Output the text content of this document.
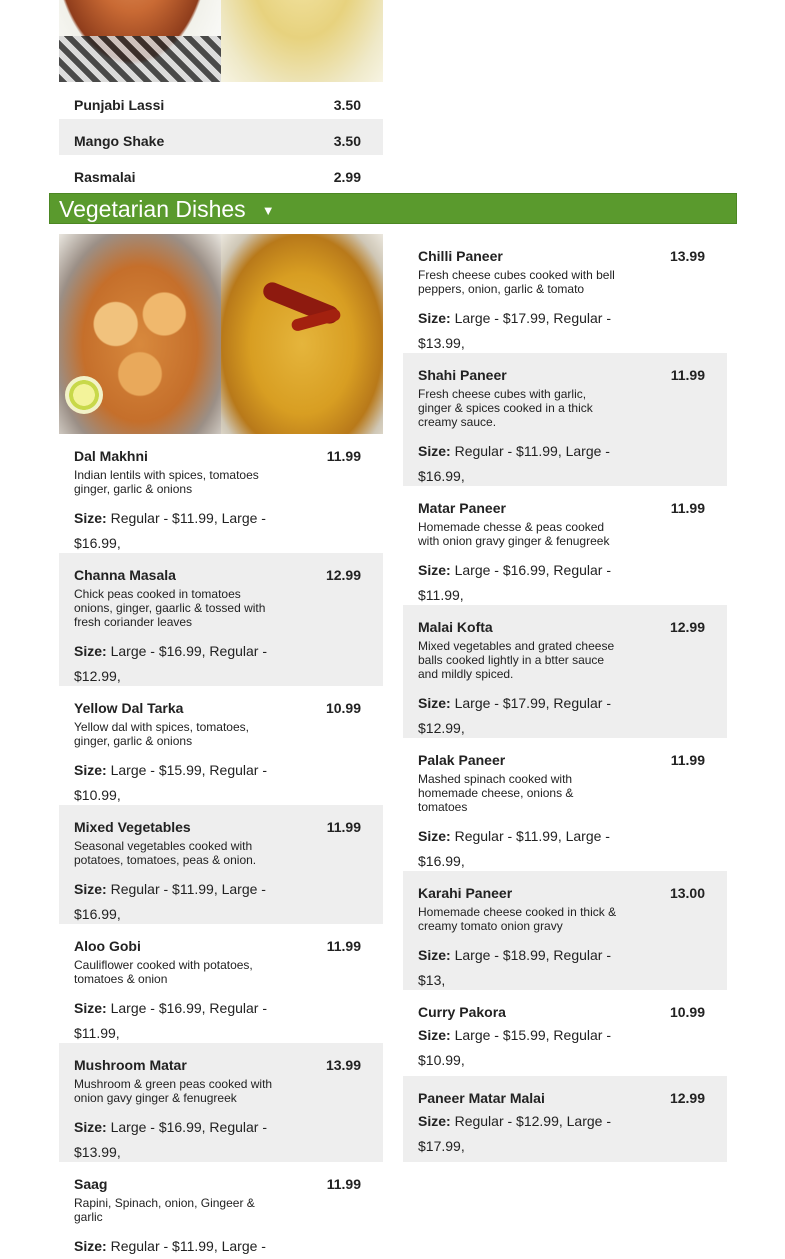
Punjabi Lassi	3.50
Mango Shake	3.50
Rasmalai	2.99
Vegetarian Dishes ▼
Dal Makhni	11.99
Indian lentils with spices, tomatoes ginger, garlic & onions
Size: Regular - $11.99, Large - $16.99,
Channa Masala	12.99
Chick peas cooked in tomatoes onions, ginger, gaarlic & tossed with fresh coriander leaves
Size: Large - $16.99, Regular - $12.99,
Yellow Dal Tarka	10.99
Yellow dal with spices, tomatoes, ginger, garlic & onions
Size: Large - $15.99, Regular - $10.99,
Mixed Vegetables	11.99
Seasonal vegetables cooked with potatoes, tomatoes, peas & onion.
Size: Regular - $11.99, Large - $16.99,
Aloo Gobi	11.99
Cauliflower cooked with potatoes, tomatoes & onion
Size: Large - $16.99, Regular - $11.99,
Mushroom Matar	13.99
Mushroom & green peas cooked with onion gavy ginger & fenugreek
Size: Large - $16.99, Regular - $13.99,
Saag	11.99
Rapini, Spinach, onion, Gingeer & garlic
Size: Regular - $11.99, Large -
Chilli Paneer	13.99
Fresh cheese cubes cooked with bell peppers, onion, garlic & tomato
Size: Large - $17.99, Regular - $13.99,
Shahi Paneer	11.99
Fresh cheese cubes with garlic, ginger & spices cooked in a thick creamy sauce.
Size: Regular - $11.99, Large - $16.99,
Matar Paneer	11.99
Homemade chesse & peas cooked with onion gravy ginger & fenugreek
Size: Large - $16.99, Regular - $11.99,
Malai Kofta	12.99
Mixed vegetables and grated cheese balls cooked lightly in a btter sauce and mildly spiced.
Size: Large - $17.99, Regular - $12.99,
Palak Paneer	11.99
Mashed spinach cooked with homemade cheese, onions & tomatoes
Size: Regular - $11.99, Large - $16.99,
Karahi Paneer	13.00
Homemade cheese cooked in thick & creamy tomato onion gravy
Size: Large - $18.99, Regular - $13,
Curry Pakora	10.99
Size: Large - $15.99, Regular - $10.99,
Paneer Matar Malai	12.99
Size: Regular - $12.99, Large - $17.99,
